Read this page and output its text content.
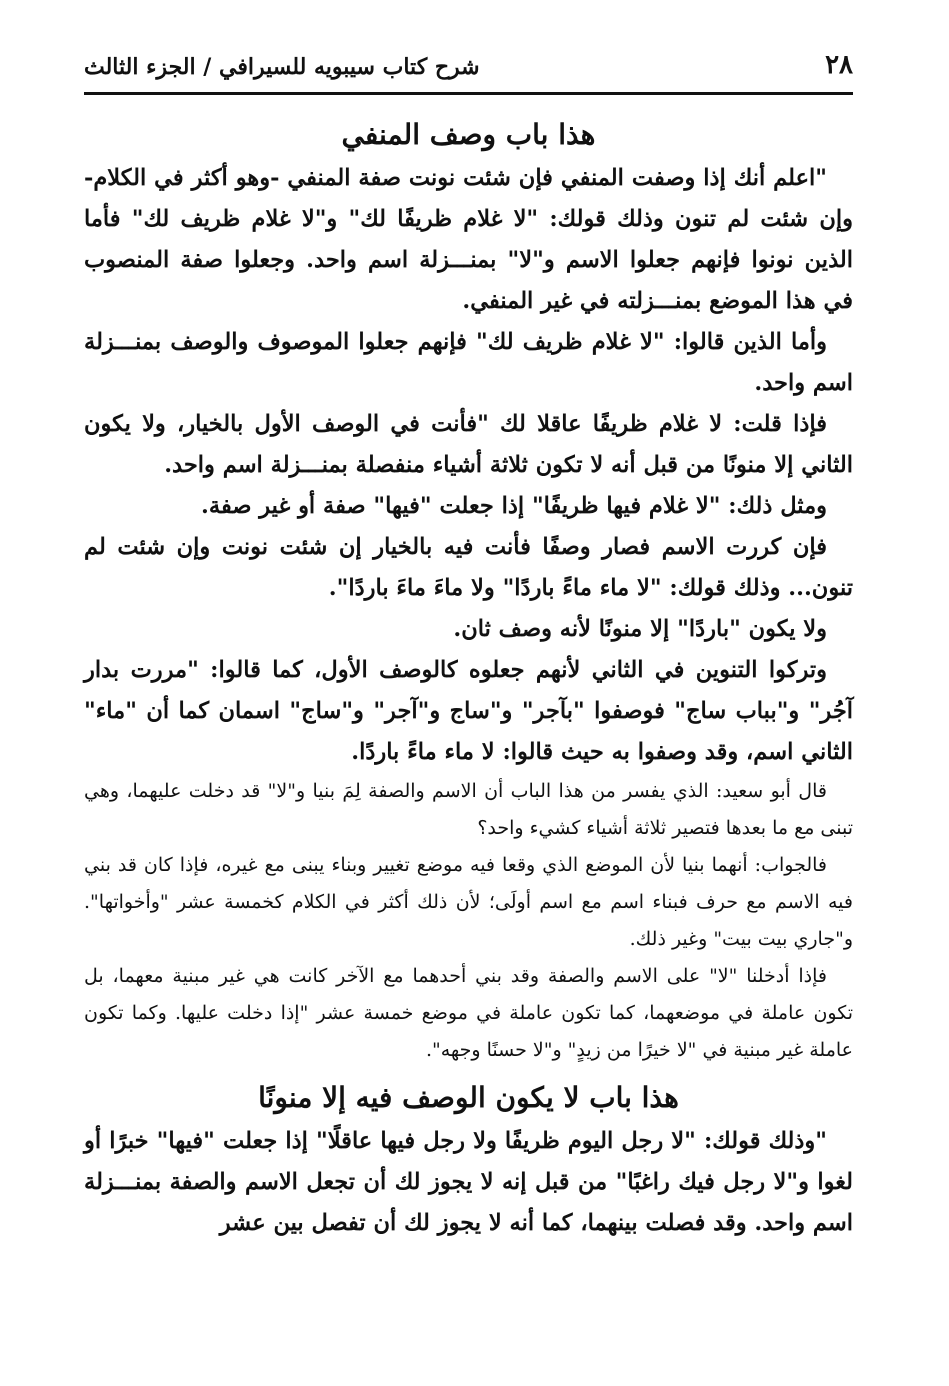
٢٨
شرح كتاب سيبويه للسيرافي / الجزء الثالث
هذا باب وصف المنفي

"اعلم أنك إذا وصفت المنفي فإن شئت نونت صفة المنفي -وهو أكثر في الكلام- وإن شئت لم تنون وذلك قولك: "لا غلام ظريفًا لك" و"لا غلام ظريف لك" فأما الذين نونوا فإنهم جعلوا الاسم و"لا" بمنـــزلة اسم واحد. وجعلوا صفة المنصوب في هذا الموضع بمنـــزلته في غير المنفي.

وأما الذين قالوا: "لا غلام ظريف لك" فإنهم جعلوا الموصوف والوصف بمنـــزلة اسم واحد.

فإذا قلت: لا غلام ظريفًا عاقلا لك "فأنت في الوصف الأول بالخيار، ولا يكون الثاني إلا منونًا من قبل أنه لا تكون ثلاثة أشياء منفصلة بمنـــزلة اسم واحد.

ومثل ذلك: "لا غلام فيها ظريفًا" إذا جعلت "فيها" صفة أو غير صفة.

فإن كررت الاسم فصار وصفًا فأنت فيه بالخيار إن شئت نونت وإن شئت لم تنون... وذلك قولك: "لا ماء ماءً باردًا" ولا ماءَ ماءَ باردًا".

ولا يكون "باردًا" إلا منونًا لأنه وصف ثان.

وتركوا التنوين في الثاني لأنهم جعلوه كالوصف الأول، كما قالوا: "مررت بدار آجُر" و"بباب ساج" فوصفوا "بآجر" و"ساج و"آجر" و"ساج" اسمان كما أن "ماء" الثاني اسم، وقد وصفوا به حيث قالوا: لا ماء ماءً باردًا.

قال أبو سعيد: الذي يفسر من هذا الباب أن الاسم والصفة لِمَ بنيا و"لا" قد دخلت عليهما، وهي تبنى مع ما بعدها فتصير ثلاثة أشياء كشيء واحد؟

فالجواب: أنهما بنيا لأن الموضع الذي وقعا فيه موضع تغيير وبناء يبنى مع غيره، فإذا كان قد بني فيه الاسم مع حرف فبناء اسم مع اسم أولَى؛ لأن ذلك أكثر في الكلام كخمسة عشر "وأخواتها". و"جاري بيت بيت" وغير ذلك.

فإذا أدخلنا "لا" على الاسم والصفة وقد بني أحدهما مع الآخر كانت هي غير مبنية معهما، بل تكون عاملة في موضعهما، كما تكون عاملة في موضع خمسة عشر "إذا دخلت عليها. وكما تكون عاملة غير مبنية في "لا خيرًا من زيدٍ" و"لا حسنًا وجهه".

هذا باب لا يكون الوصف فيه إلا منونًا

"وذلك قولك: "لا رجل اليوم ظريفًا ولا رجل فيها عاقلًا" إذا جعلت "فيها" خبرًا أو لغوا و"لا رجل فيك راغبًا" من قبل إنه لا يجوز لك أن تجعل الاسم والصفة بمنـــزلة اسم واحد. وقد فصلت بينهما، كما أنه لا يجوز لك أن تفصل بين عشر
